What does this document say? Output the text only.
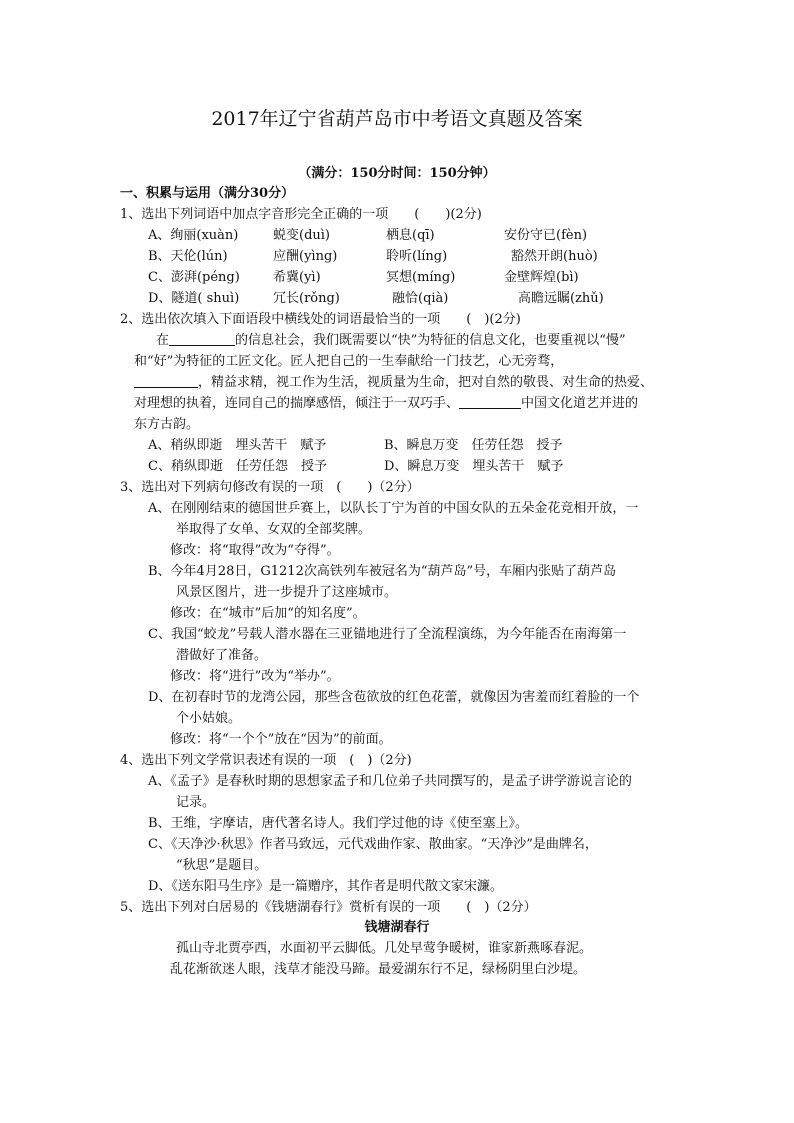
2017年辽宁省葫芦岛市中考语文真题及答案
（满分：150分时间：150分钟）
一、积累与运用（满分30分）
1、选出下列词语中加点字音形完全正确的一项　　(　　)(2分)
A、绚丽(xuàn)	蜕变(duì)	栖息(qī)	安份守已(fèn)
B、天伦(lún)	应酬(yìng)	聆听(líng)	豁然开朗(huò)
C、澎湃(péng)	希冀(yì)	冥想(míng)	金壁辉煌(bì)
D、隧道( shuì)	冗长(rǒng)	融恰(qià)	高瞻远瞩(zhǔ)
2、选出依次填入下面语段中横线处的词语最恰当的一项　　(　)(2分)
在	的信息社会，我们既需要以“快”为特征的信息文化，也要重视以“慢”
和“好”为特征的工匠文化。匠人把自己的一生奉献给一门技艺，心无旁骛，
，精益求精，视工作为生活，视质量为生命，把对自然的敬畏、对生命的热爱、
对理想的执着，连同自己的揣摩感悟，倾注于一双巧手、	中国文化道艺并进的
东方古韵。
A、稍纵即逝　埋头苦干　赋予	B、瞬息万变　任劳任怨　授予
C、稍纵即逝　任劳任怨　授予	D、瞬息万变　埋头苦干　赋予
3、选出对下列病句修改有误的一项　(　　)（2分）
A、在刚刚结束的德国世乒赛上，以队长丁宁为首的中国女队的五朵金花竞相开放，一
举取得了女单、女双的全部奖牌。
修改：将“取得”改为“夺得”。
B、今年4月28日，G1212次高铁列车被冠名为“葫芦岛”号，车厢内张贴了葫芦岛
风景区图片，进一步提升了这座城市。
修改：在“城市”后加“的知名度”。
C、我国“蛟龙”号载人潜水器在三亚锚地进行了全流程演练，为今年能否在南海第一
潜做好了准备。
修改：将“进行”改为“举办”。
D、在初春时节的龙湾公园，那些含苞欲放的红色花蕾，就像因为害羞而红着脸的一个
个小姑娘。
修改：将“一个个”放在“因为”的前面。
4、选出下列文学常识表述有误的一项　(　)（2分)
A、《孟子》是春秋时期的思想家孟子和几位弟子共同撰写的，是孟子讲学游说言论的
记录。
B、王维，字摩诘，唐代著名诗人。我们学过他的诗《使至塞上》。
C、《天净沙·秋思》作者马致远，元代戏曲作家、散曲家。“天净沙”是曲牌名，
“秋思”是题目。
D、《送东阳马生序》是一篇赠序，其作者是明代散文家宋濂。
5、选出下列对白居易的《钱塘湖春行》赏析有误的一项　　(　)（2分）
钱塘湖春行
孤山寺北贾亭西，水面初平云脚低。几处早莺争暖树，谁家新燕啄春泥。
乱花渐欲迷人眼，浅草才能没马蹄。最爱湖东行不足，绿杨阴里白沙堤。
